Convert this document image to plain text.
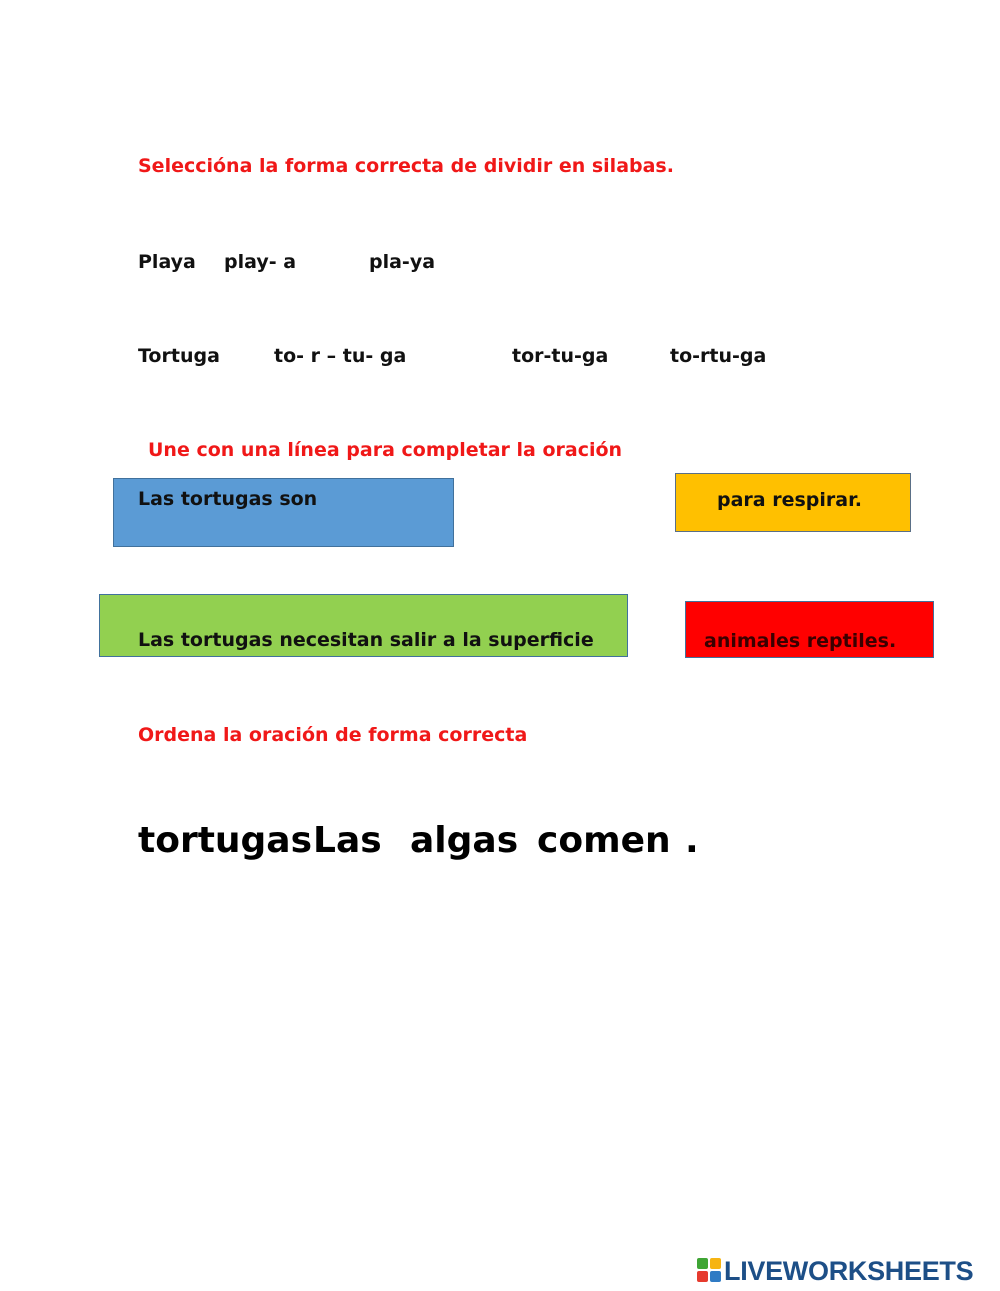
Seleccióna la forma correcta de dividir en silabas.
Playa play- a	pla-ya
Tortuga	to- r – tu- ga	tor-tu-ga	to-rtu-ga
Une con una línea para completar la oración
Las tortugas son	para respirar.
Las tortugas necesitan salir a la superficie	animales reptiles.
Ordena la oración de forma correcta
tortugas Las algas comen .
LIVEWORKSHEETS
